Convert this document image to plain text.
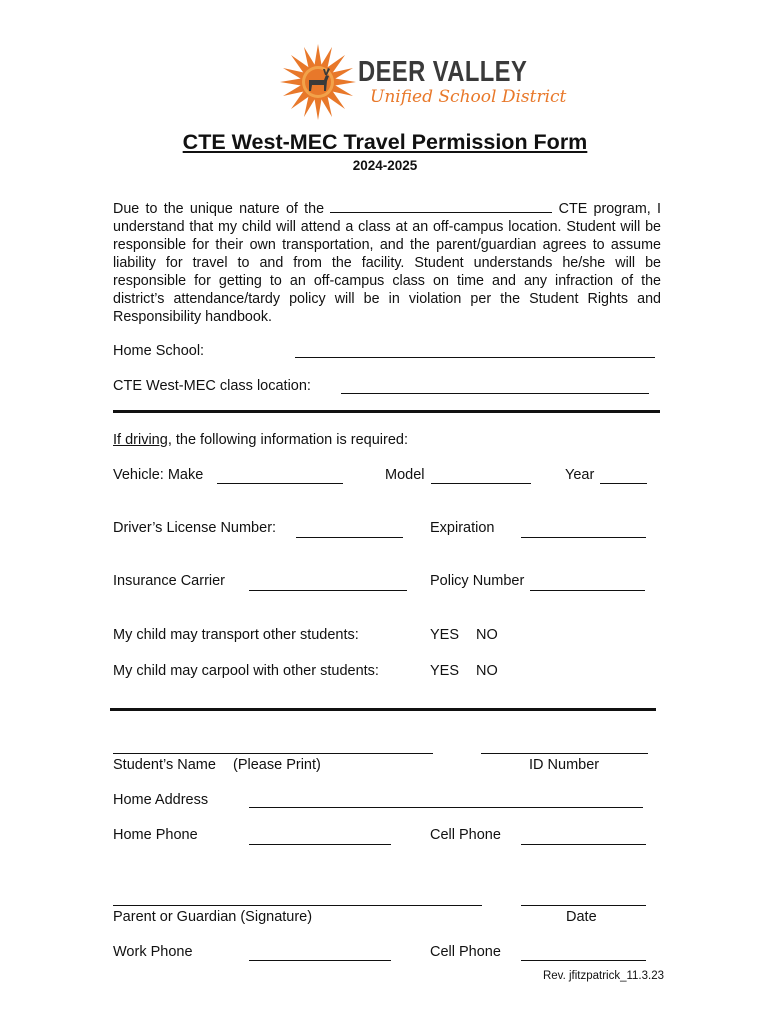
DEER VALLEY
Unified School District
CTE West-MEC Travel Permission Form
2024-2025
Due to the unique nature of the	CTE program, I understand that my child will attend a class at an off-campus location. Student will be responsible for their own transportation, and the parent/guardian agrees to assume liability for travel to and from the facility. Student understands he/she will be responsible for getting to an off-campus class on time and any infraction of the district’s attendance/tardy policy will be in violation per the Student Rights and Responsibility handbook.
Home School:
CTE West-MEC class location:
If driving, the following information is required:
Vehicle: Make	Model	Year
Driver’s License Number:	Expiration
Insurance Carrier	Policy Number
My child may transport other students:	YES NO
My child may carpool with other students:	YES NO
Student’s Name (Please Print)	ID Number
Home Address
Home Phone	Cell Phone
Parent or Guardian (Signature)	Date
Work Phone	Cell Phone
Rev. jfitzpatrick_11.3.23
